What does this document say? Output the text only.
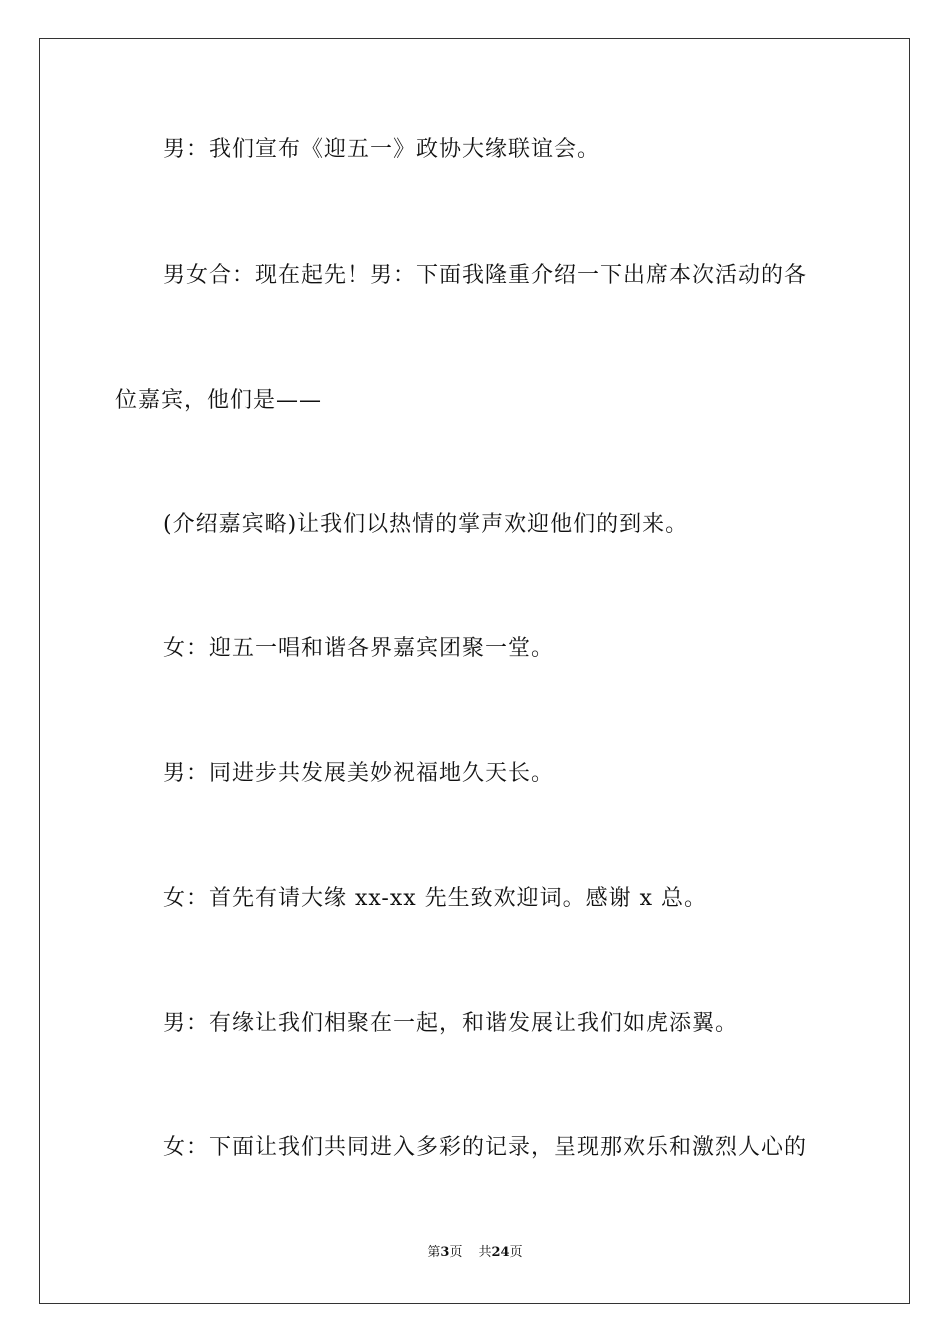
男：我们宣布《迎五一》政协大缘联谊会。
男女合：现在起先！男：下面我隆重介绍一下出席本次活动的各
位嘉宾，他们是——
(介绍嘉宾略)让我们以热情的掌声欢迎他们的到来。
女：迎五一唱和谐各界嘉宾团聚一堂。
男：同进步共发展美妙祝福地久天长。
女：首先有请大缘 xx-xx 先生致欢迎词。感谢 x 总。
男：有缘让我们相聚在一起，和谐发展让我们如虎添翼。
女：下面让我们共同进入多彩的记录，呈现那欢乐和激烈人心的
第3页 共24页
